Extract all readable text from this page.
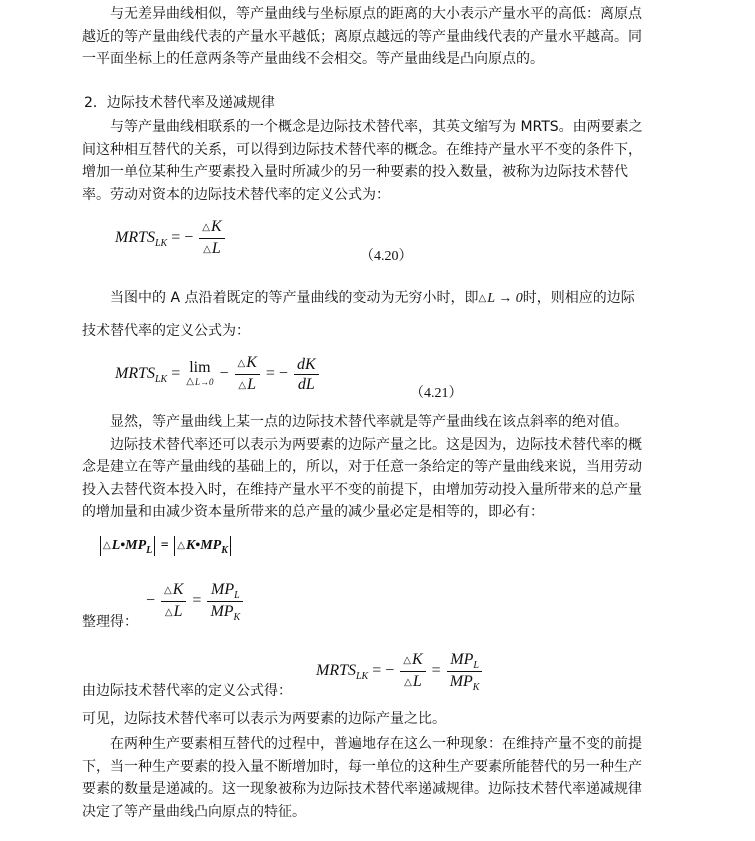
与无差异曲线相似，等产量曲线与坐标原点的距离的大小表示产量水平的高低：离原点
越近的等产量曲线代表的产量水平越低；离原点越远的等产量曲线代表的产量水平越高。同
一平面坐标上的任意两条等产量曲线不会相交。等产量曲线是凸向原点的。
2．边际技术替代率及递减规律
与等产量曲线相联系的一个概念是边际技术替代率，其英文缩写为 MRTS。由两要素之
间这种相互替代的关系，可以得到边际技术替代率的概念。在维持产量水平不变的条件下，
增加一单位某种生产要素投入量时所减少的另一种要素的投入数量，被称为边际技术替代
率。劳动对资本的边际技术替代率的定义公式为：
$MRTS_{LK}$ = − $\frac{\triangle K}{\triangle L}$	（4.20）
当图中的 A 点沿着既定的等产量曲线的变动为无穷小时，即△L → 0时，则相应的边际
技术替代率的定义公式为：
$MRTS_{LK} = \lim$
△L→0 − $\frac{\triangle K}{\triangle L}$ = − $\frac{dK}{dL}$	（4.21）
显然，等产量曲线上某一点的边际技术替代率就是等产量曲线在该点斜率的绝对值。
边际技术替代率还可以表示为两要素的边际产量之比。这是因为，边际技术替代率的概
念是建立在等产量曲线的基础上的，所以，对于任意一条给定的等产量曲线来说，当用劳动
投入去替代资本投入时，在维持产量水平不变的前提下，由增加劳动投入量所带来的总产量
的增加量和由减少资本量所带来的总产量的减少量必定是相等的，即必有：
$\triangle L•MP_L$ = $\triangle K•MP_K$
− $\frac{\triangle K}{\triangle L} = \frac{MP_L}{MP_K}$
整理得：
$MRTS_{LK}$ = − $\frac{\triangle K}{\triangle L} = \frac{MP_L}{MP_K}$
由边际技术替代率的定义公式得：
可见，边际技术替代率可以表示为两要素的边际产量之比。
在两种生产要素相互替代的过程中，普遍地存在这么一种现象：在维持产量不变的前提
下，当一种生产要素的投入量不断增加时，每一单位的这种生产要素所能替代的另一种生产
要素的数量是递减的。这一现象被称为边际技术替代率递减规律。边际技术替代率递减规律
决定了等产量曲线凸向原点的特征。
